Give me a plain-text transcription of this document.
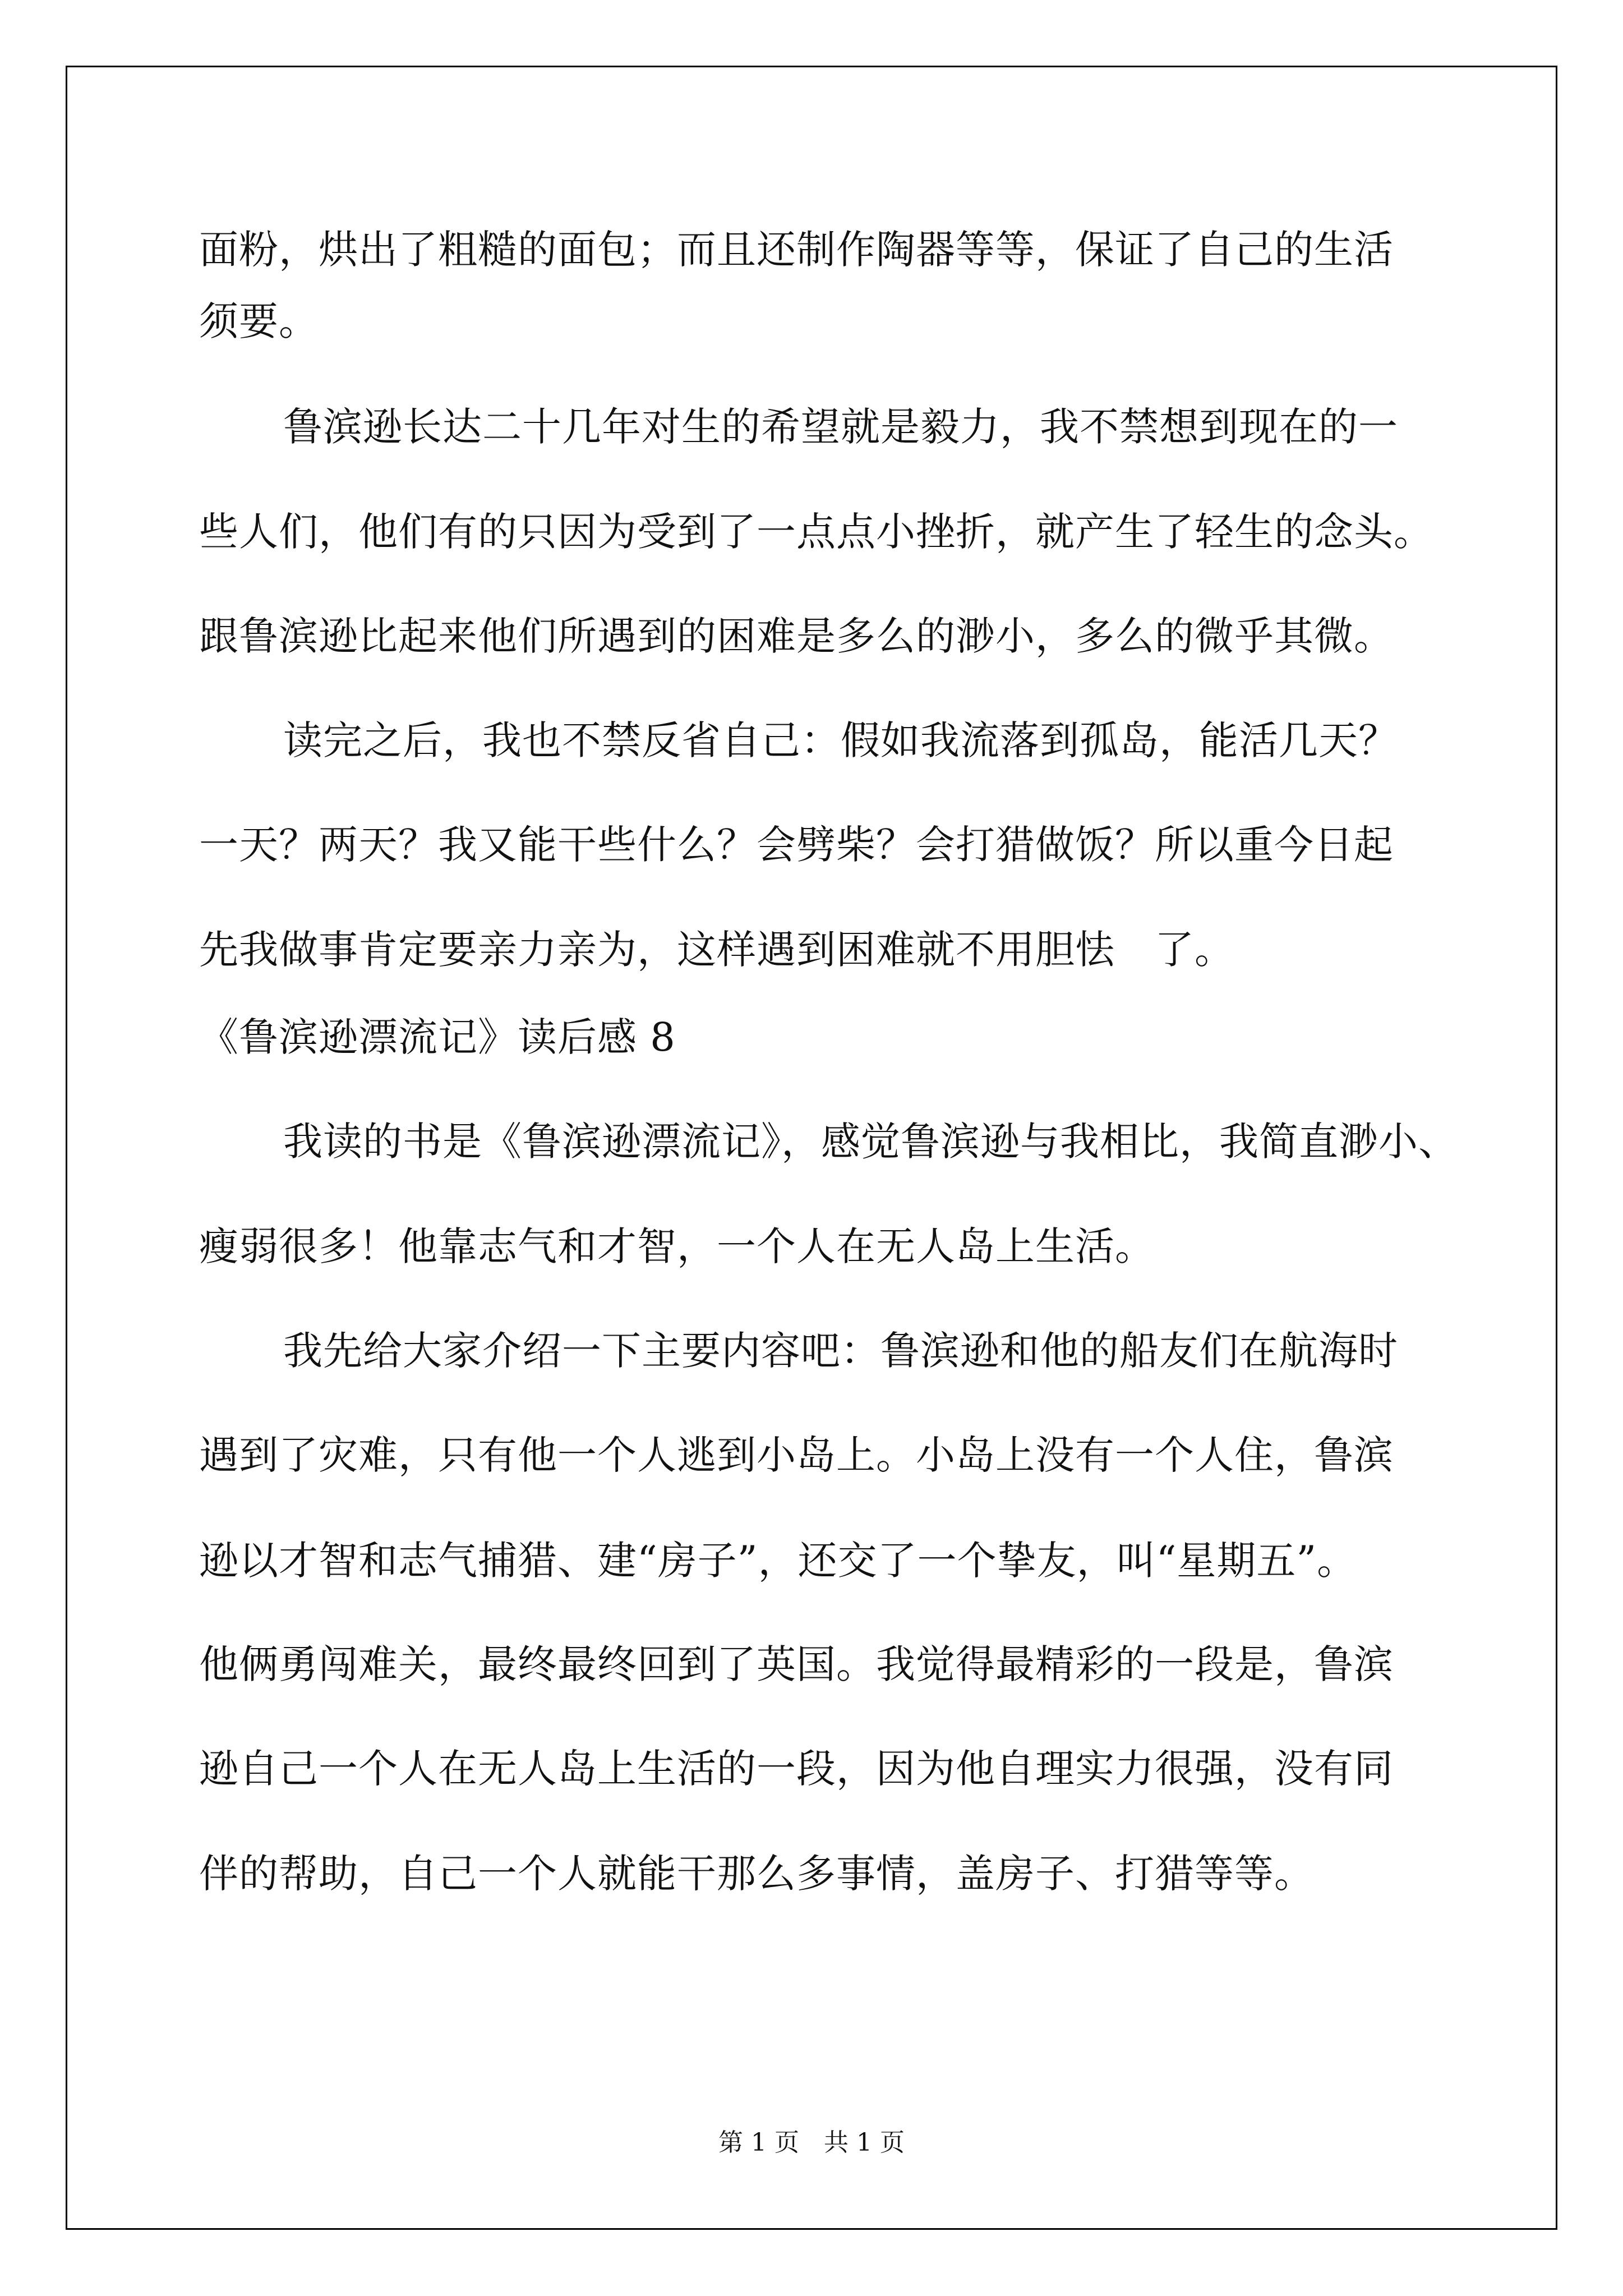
面粉，烘出了粗糙的面包；而且还制作陶器等等，保证了自己的生活
须要。
鲁滨逊长达二十几年对生的希望就是毅力，我不禁想到现在的一
些人们，他们有的只因为受到了一点点小挫折，就产生了轻生的念头。
跟鲁滨逊比起来他们所遇到的困难是多么的渺小，多么的微乎其微。
读完之后，我也不禁反省自己：假如我流落到孤岛，能活几天？
一天？两天？我又能干些什么？会劈柴？会打猎做饭？所以重今日起
先我做事肯定要亲力亲为，这样遇到困难就不用胆怯　了。
《鲁滨逊漂流记》读后感 8
我读的书是《鲁滨逊漂流记》，感觉鲁滨逊与我相比，我简直渺小、
瘦弱很多！他靠志气和才智，一个人在无人岛上生活。
我先给大家介绍一下主要内容吧：鲁滨逊和他的船友们在航海时
遇到了灾难，只有他一个人逃到小岛上。小岛上没有一个人住，鲁滨
逊以才智和志气捕猎、建“房子”，还交了一个挚友，叫“星期五”。
他俩勇闯难关，最终最终回到了英国。我觉得最精彩的一段是，鲁滨
逊自己一个人在无人岛上生活的一段，因为他自理实力很强，没有同
伴的帮助，自己一个人就能干那么多事情，盖房子、打猎等等。
第 1 页　共 1 页
